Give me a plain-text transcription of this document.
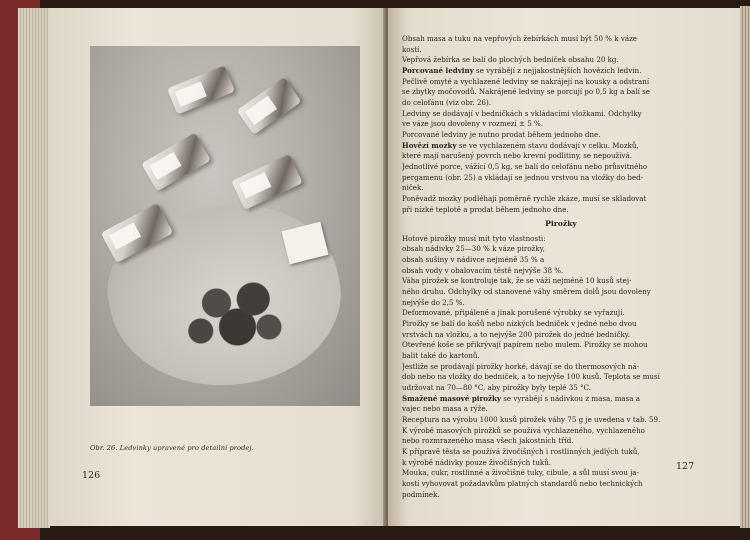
Obr. 26. Ledvinky upravené pro detailní prodej.
126

Obsah masa a tuku na vepřových žebírkách musí být 50 % k váze

kostí.

Vepřová žebírka se balí do plochých bedniček obsahu 20 kg.

Porcované ledviny se vyrábějí z nejjakostnějších hovězích ledvin.

Pečlivě omyté a vychlazené ledviny se nakrájejí na kousky a odstraní

se zbytky močovodů. Nakrájené ledviny se porcují po 0,5 kg a balí se

do celofánu (viz obr. 26).

Ledviny se dodávají v bedničkách s vkládacími vložkami. Odchylky

ve váze jsou dovoleny v rozmezí ± 5 %.

Porcované ledviny je nutno prodat během jednoho dne.

Hovězí mozky se ve vychlazeném stavu dodávají v celku. Mozků,

které mají narušený povrch nebo krevní podlitiny, se nepoužívá.

Jednotlivé porce, vážící 0,5 kg, se balí do celofánu nebo průsvitného

pergamenu (obr. 25) a vkládají se jednou vrstvou na vložky do bed-

niček.

Poněvadž mozky podléhají poměrně rychle zkáze, musí se skladovat

při nízké teplotě a prodat během jednoho dne.

Pirožky

Hotové pirožky musí mít tyto vlastnosti:

obsah nádivky 25—30 % k váze pirožky,

obsah sušiny v nádivce nejméně 35 % a

obsah vody v obalovacím těstě nejvýše 38 %.

Váha pirožek se kontroluje tak, že se váží nejméně 10 kusů stej-

ného druhu. Odchylky od stanovené váhy směrem dolů jsou dovoleny

nejvýše do 2,5 %.

Deformované, připálené a jinak porušené výrobky se vyřazují.

Pirožky se balí do košů nebo nízkých bedniček v jedné nebo dvou

vrstvách na vložku, a to nejvýše 200 pirožek do jedné bedničky.

Otevřené koše se přikrývají papírem nebo mulem. Pirožky se mohou

balit také do kartonů.

Jestliže se prodávají pirožky horké, dávají se do thermosových ná-

dob nebo na vložky do bedniček, a to nejvýše 100 kusů. Teplota se musí

udržovat na 70—80 °C, aby pirožky byly teplé 35 °C.

Smažené masové pirožky se vyrábějí s nádivkou z masa, masa a

vajec nebo masa a rýže.

Receptura na výrobu 1000 kusů pirožek váhy 75 g je uvedena v tab. 59.

K výrobě masových pirožků se používá vychlazeného, vychlazeného

nebo rozmrazeného masa všech jakostních tříd.

K přípravě těsta se používá živočišných i rostlinných jedlých tuků,

k výrobě nádivky pouze živočišných tuků.

Mouka, cukr, rostlinné a živočišné tuky, cibule, a sůl musí svou ja-

kostí vyhovovat požadavkům platných standardů nebo technických

podmínek.

127
